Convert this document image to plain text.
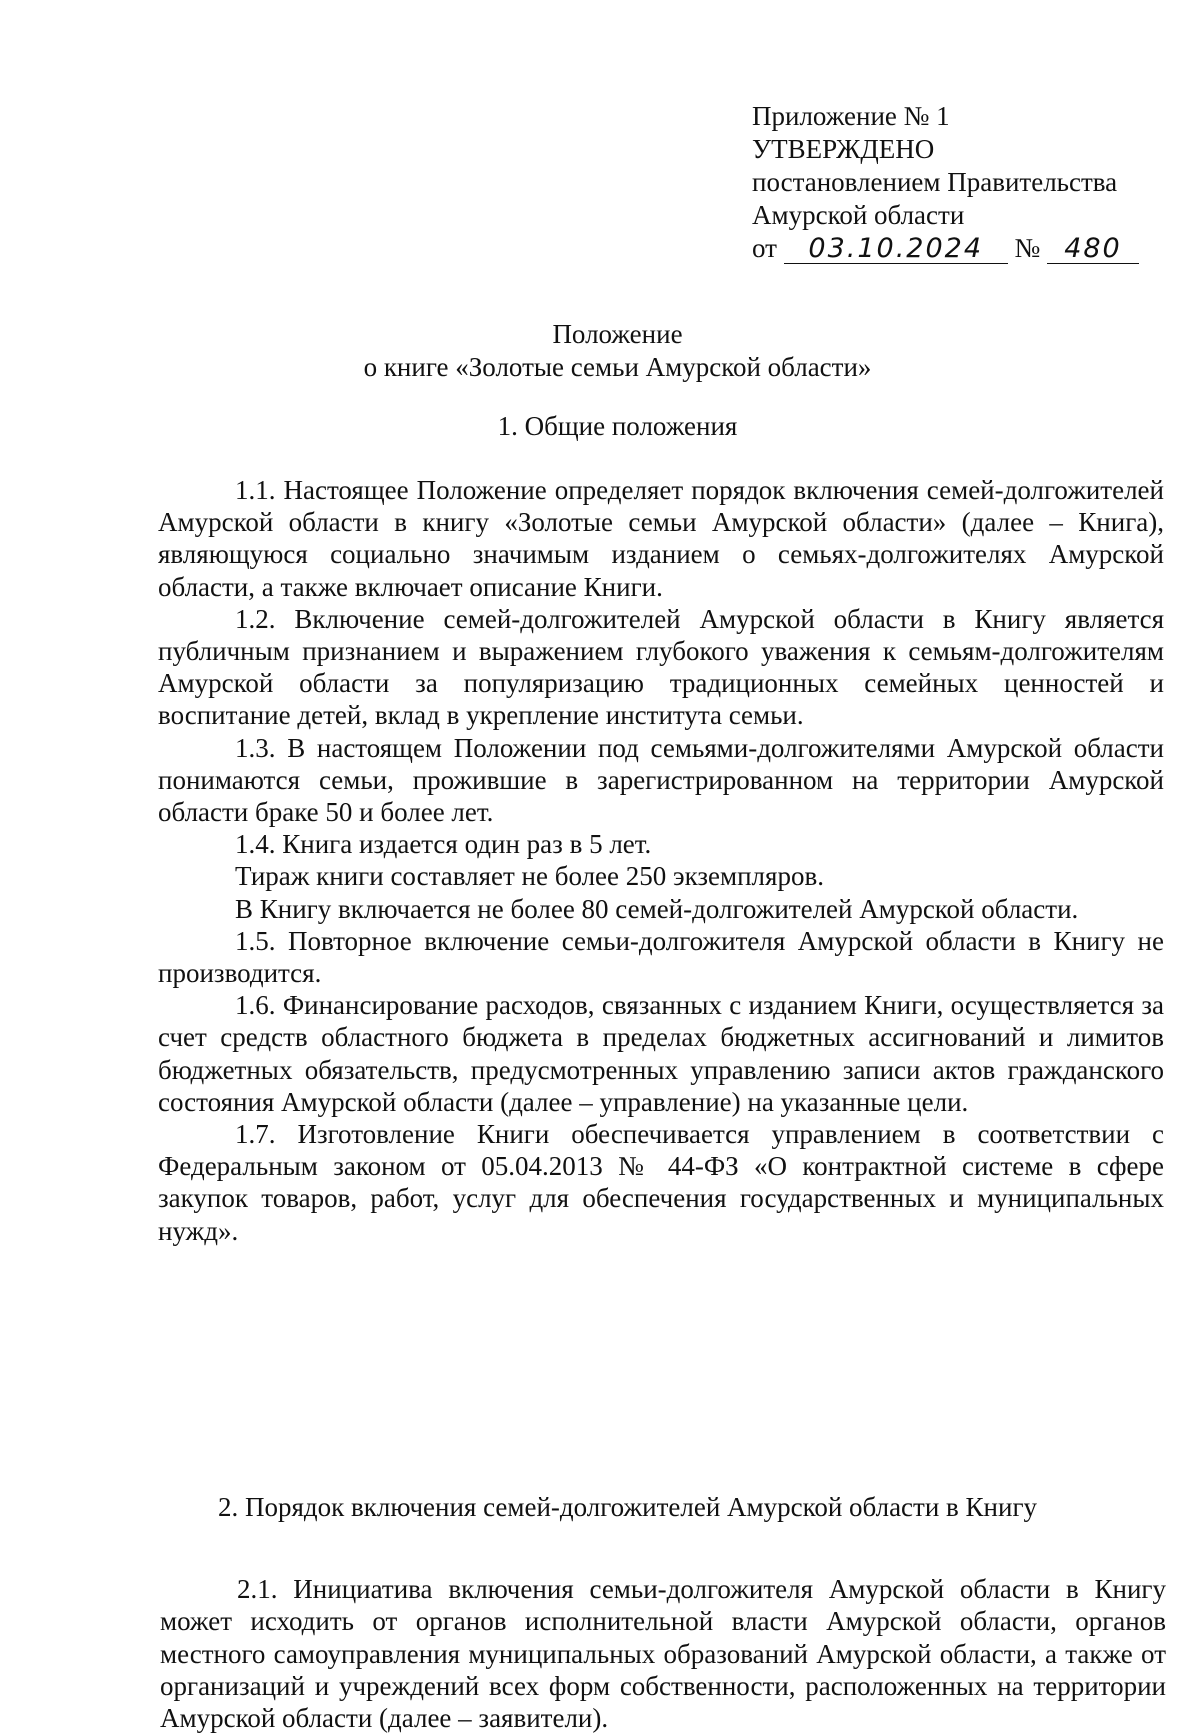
Приложение № 1
УТВЕРЖДЕНО
постановлением Правительства
Амурской области
от 03.10.2024 № 480
Положение
о книге «Золотые семьи Амурской области»
1. Общие положения

1.1. Настоящее Положение определяет порядок включения семей-долгожителей Амурской области в книгу «Золотые семьи Амурской области» (далее – Книга), являющуюся социально значимым изданием о семьях-долгожителях Амурской области, а также включает описание Книги.

1.2. Включение семей-долгожителей Амурской области в Книгу является публичным признанием и выражением глубокого уважения к семьям-долгожителям Амурской области за популяризацию традиционных семейных ценностей и воспитание детей, вклад в укрепление института семьи.

1.3. В настоящем Положении под семьями-долгожителями Амурской области понимаются семьи, прожившие в зарегистрированном на территории Амурской области браке 50 и более лет.

1.4. Книга издается один раз в 5 лет.

Тираж книги составляет не более 250 экземпляров.

В Книгу включается не более 80 семей-долгожителей Амурской области.

1.5. Повторное включение семьи-долгожителя Амурской области в Книгу не производится.

1.6. Финансирование расходов, связанных с изданием Книги, осуществляется за счет средств областного бюджета в пределах бюджетных ассигнований и лимитов бюджетных обязательств, предусмотренных управлению записи актов гражданского состояния Амурской области (далее – управление) на указанные цели.

1.7. Изготовление Книги обеспечивается управлением в соответствии с Федеральным законом от 05.04.2013 № 44-ФЗ «О контрактной системе в сфере закупок товаров, работ, услуг для обеспечения государственных и муниципальных нужд».

2. Порядок включения семей-долгожителей Амурской области в Книгу

2.1. Инициатива включения семьи-долгожителя Амурской области в Книгу может исходить от органов исполнительной власти Амурской области, органов местного самоуправления муниципальных образований Амурской области, а также от организаций и учреждений всех форм собственности, расположенных на территории Амурской области (далее – заявители).
